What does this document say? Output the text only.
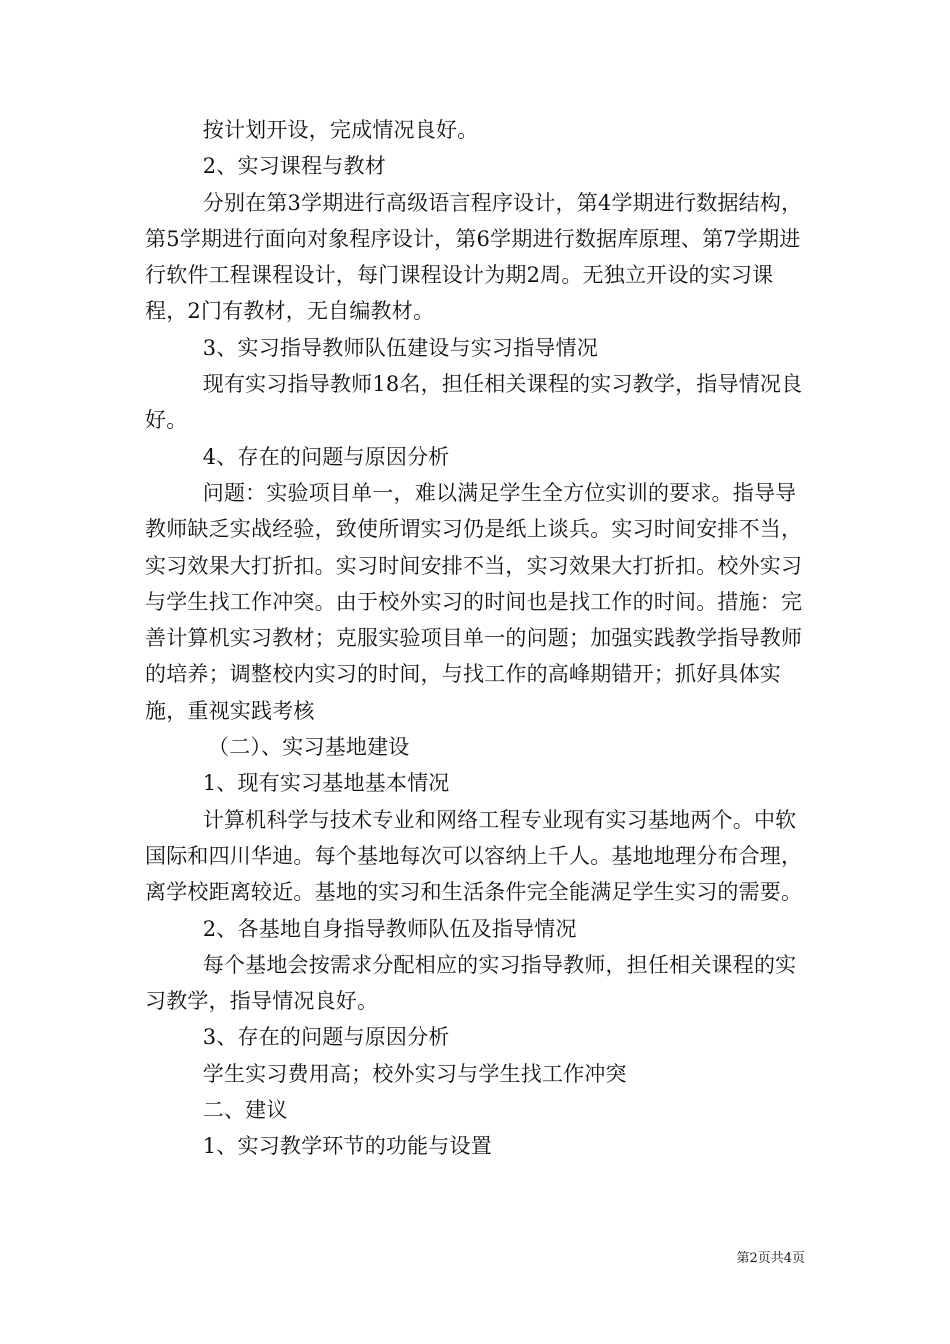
按计划开设，完成情况良好。

2、实习课程与教材

分别在第3学期进行高级语言程序设计，第4学期进行数据结构，第5学期进行面向对象程序设计，第6学期进行数据库原理、第7学期进行软件工程课程设计，每门课程设计为期2周。无独立开设的实习课程，2门有教材，无自编教材。

3、实习指导教师队伍建设与实习指导情况

现有实习指导教师18名，担任相关课程的实习教学，指导情况良好。

4、存在的问题与原因分析

问题：实验项目单一，难以满足学生全方位实训的要求。指导导教师缺乏实战经验，致使所谓实习仍是纸上谈兵。实习时间安排不当，实习效果大打折扣。实习时间安排不当，实习效果大打折扣。校外实习与学生找工作冲突。由于校外实习的时间也是找工作的时间。措施：完善计算机实习教材；克服实验项目单一的问题；加强实践教学指导教师的培养；调整校内实习的时间，与找工作的高峰期错开；抓好具体实施，重视实践考核

（二）、实习基地建设

1、现有实习基地基本情况

计算机科学与技术专业和网络工程专业现有实习基地两个。中软国际和四川华迪。每个基地每次可以容纳上千人。基地地理分布合理，离学校距离较近。基地的实习和生活条件完全能满足学生实习的需要。

2、各基地自身指导教师队伍及指导情况

每个基地会按需求分配相应的实习指导教师，担任相关课程的实习教学，指导情况良好。

3、存在的问题与原因分析

学生实习费用高；校外实习与学生找工作冲突

二、建议

1、实习教学环节的功能与设置

第2页共4页
